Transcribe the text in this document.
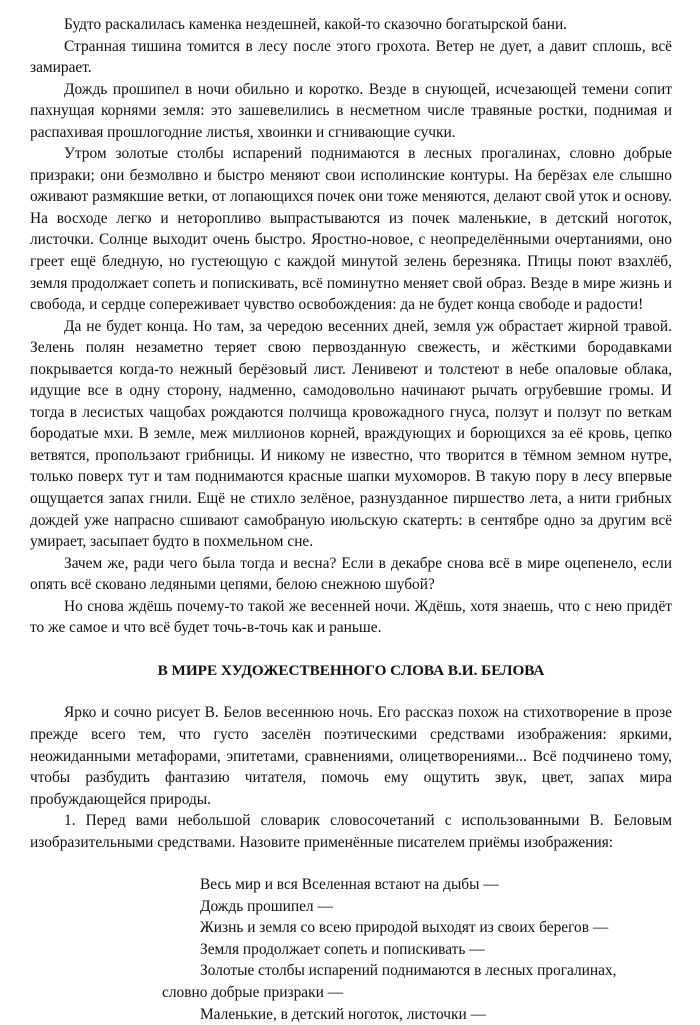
Будто раскалилась каменка нездешней, какой-то сказочно богатырской бани.

Странная тишина томится в лесу после этого грохота. Ветер не дует, а давит сплошь, всё замирает.

Дождь прошипел в ночи обильно и коротко. Везде в снующей, исчезающей темени сопит пахнущая корнями земля: это зашевелились в несметном числе травяные ростки, поднимая и распахивая прошлогодние листья, хвоинки и сгнивающие сучки.

Утром золотые столбы испарений поднимаются в лесных прогалинах, словно добрые призраки; они безмолвно и быстро меняют свои исполинские контуры. На берёзах еле слышно оживают размякшие ветки, от лопающихся почек они тоже меняются, делают свой уток и основу. На восходе легко и неторопливо выпрастываются из почек маленькие, в детский ноготок, листочки. Солнце выходит очень быстро. Яростно-новое, с неопределёнными очертаниями, оно греет ещё бледную, но густеющую с каждой минутой зелень березняка. Птицы поют взахлёб, земля продолжает сопеть и попискивать, всё поминутно меняет свой образ. Везде в мире жизнь и свобода, и сердце сопереживает чувство освобождения: да не будет конца свободе и радости!

Да не будет конца. Но там, за чередою весенних дней, земля уж обрастает жирной травой. Зелень полян незаметно теряет свою первозданную свежесть, и жёсткими бородавками покрывается когда-то нежный берёзовый лист. Ленивеют и толстеют в небе опаловые облака, идущие все в одну сторону, надменно, самодовольно начинают рычать огрубевшие громы. И тогда в лесистых чащобах рождаются полчища кровожадного гнуса, ползут и ползут по веткам бородатые мхи. В земле, меж миллионов корней, враждующих и борющихся за её кровь, цепко ветвятся, пропользают грибницы. И никому не известно, что творится в тёмном земном нутре, только поверх тут и там поднимаются красные шапки мухоморов. В такую пору в лесу впервые ощущается запах гнили. Ещё не стихло зелёное, разнузданное пиршество лета, а нити грибных дождей уже напрасно сшивают самобраную июльскую скатерть: в сентябре одно за другим всё умирает, засыпает будто в похмельном сне.

Зачем же, ради чего была тогда и весна? Если в декабре снова всё в мире оцепенело, если опять всё сковано ледяными цепями, белою снежною шубой?

Но снова ждёшь почему-то такой же весенней ночи. Ждёшь, хотя знаешь, что с нею придёт то же самое и что всё будет точь-в-точь как и раньше.

В МИРЕ ХУДОЖЕСТВЕННОГО СЛОВА В.И. БЕЛОВА

Ярко и сочно рисует В. Белов весеннюю ночь. Его рассказ похож на стихотворение в прозе прежде всего тем, что густо заселён поэтическими средствами изображения: яркими, неожиданными метафорами, эпитетами, сравнениями, олицетворениями... Всё подчинено тому, чтобы разбудить фантазию читателя, помочь ему ощутить звук, цвет, запах мира пробуждающейся природы.

1. Перед вами небольшой словарик словосочетаний с использованными В. Беловым изобразительными средствами. Назовите применённые писателем приёмы изображения:

Весь мир и вся Вселенная встают на дыбы —

Дождь прошипел —

Жизнь и земля со всею природой выходят из своих берегов —

Земля продолжает сопеть и попискивать —

Золотые столбы испарений поднимаются в лесных прогалинах,
словно добрые призраки —

Маленькие, в детский ноготок, листочки —
